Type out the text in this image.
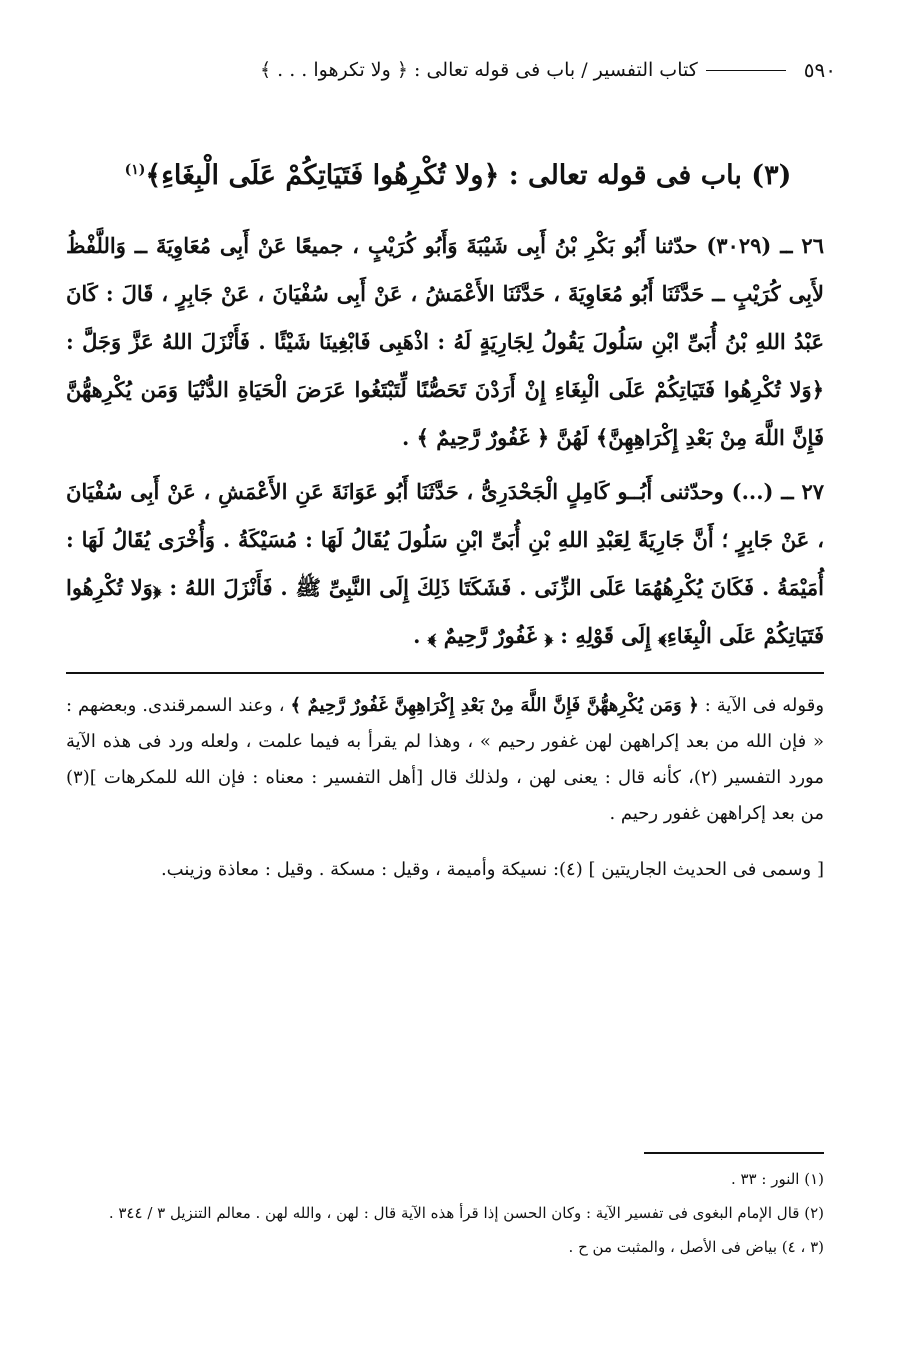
٥٩٠
كتاب التفسير / باب فى قوله تعالى : ﴿ ولا تكرهوا . . . ﴾
(٣) باب فى قوله تعالى : ﴿ولا تُكْرِهُوا فَتَيَاتِكُمْ عَلَى الْبِغَاءِ﴾$^{(١)}$

٢٦ ــ (٣٠٢٩) حدّثنا أَبُو بَكْرِ بْنُ أَبِى شَيْبَةَ وَأَبُو كُرَيْبٍ ، جميعًا عَنْ أَبِى مُعَاوِيَةَ ــ وَاللَّفْظُ لأَبِى كُرَيْبٍ ــ حَدَّثَنَا أَبُو مُعَاوِيَةَ ، حَدَّثَنَا الأَعْمَشُ ، عَنْ أَبِى سُفْيَانَ ، عَنْ جَابِرٍ ، قَالَ : كَانَ عَبْدُ اللهِ بْنُ أُبَىِّ ابْنِ سَلُولَ يَقُولُ لِجَارِيَةٍ لَهُ : اذْهَبِى فَابْغِينَا شَيْئًا . فَأَنْزَلَ اللهُ عَزَّ وَجَلَّ : ﴿وَلا تُكْرِهُوا فَتَيَاتِكُمْ عَلَى الْبِغَاءِ إِنْ أَرَدْنَ تَحَصُّنًا لِّتَبْتَغُوا عَرَضَ الْحَيَاةِ الدُّنْيَا وَمَن يُكْرِههُّنَّ فَإِنَّ اللَّهَ مِنْ بَعْدِ إِكْرَاهِهِنَّ﴾ لَهُنَّ ﴿ غَفُورٌ رَّحِيمٌ ﴾ .

٢٧ ــ (...) وحدّثنى أَبُــو كَامِلٍ الْجَحْدَرِىُّ ، حَدَّثَنَا أَبُو عَوَانَةَ عَنِ الأَعْمَشِ ، عَنْ أَبِى سُفْيَانَ ، عَنْ جَابِرٍ ؛ أَنَّ جَارِيَةً لِعَبْدِ اللهِ بْنِ أُبَىِّ ابْنِ سَلُولَ يُقَالُ لَهَا : مُسَيْكَةُ . وَأُخْرَى يُقَالُ لَهَا : أُمَيْمَةُ . فَكَانَ يُكْرِهُهُمَا عَلَى الزِّنَى . فَشَكَتَا ذَلِكَ إِلَى النَّبِىِّ ﷺ . فَأَنْزَلَ اللهُ : ﴿وَلا تُكْرِهُوا فَتَيَاتِكُمْ عَلَى الْبِغَاءِ﴾ إِلَى قَوْلِهِ : ﴿ غَفُورٌ رَّحِيمٌ ﴾ .

وقوله فى الآية : ﴿ وَمَن يُكْرِههُّنَّ فَإِنَّ اللَّهَ مِنْ بَعْدِ إِكْرَاهِهِنَّ غَفُورٌ رَّحِيمٌ ﴾ ، وعند السمرقندى. وبعضهم : « فإن الله من بعد إكراههن لهن غفور رحيم » ، وهذا لم يقرأ به فيما علمت ، ولعله ورد فى هذه الآية مورد التفسير (٢)، كأنه قال : يعنى لهن ، ولذلك قال [أهل التفسير : معناه : فإن الله للمكرهات ](٣) من بعد إكراههن غفور رحيم .

[ وسمى فى الحديث الجاريتين ] (٤): نسيكة وأميمة ، وقيل : مسكة . وقيل : معاذة وزينب.

(١) النور : ٣٣ .

(٢) قال الإمام البغوى فى تفسير الآية : وكان الحسن إذا قرأ هذه الآية قال : لهن ، والله لهن . معالم التنزيل ٣ / ٣٤٤ .

(٣ ، ٤) بياض فى الأصل ، والمثبت من ح .
